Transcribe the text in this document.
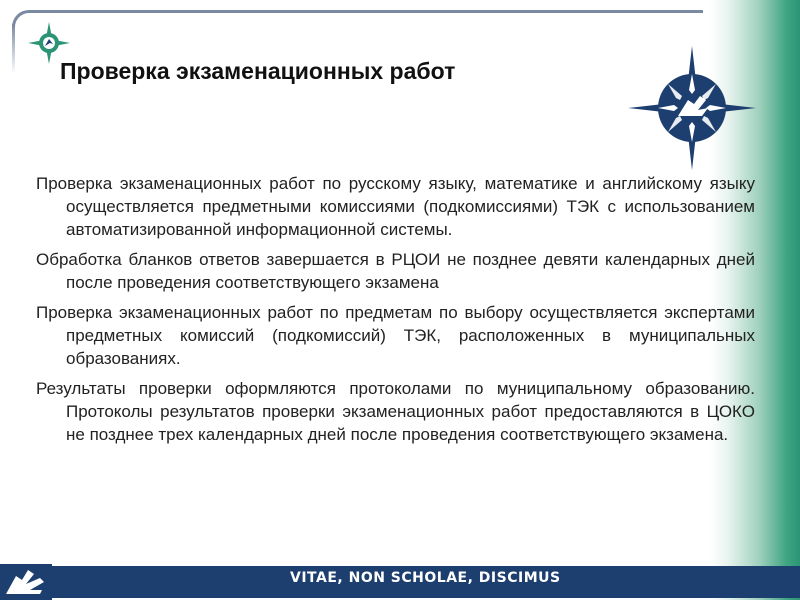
Проверка экзаменационных работ

Проверка экзаменационных работ по русскому языку, математике и английскому языку осуществляется предметными комиссиями (подкомиссиями) ТЭК с использованием автоматизированной информационной системы.

Обработка бланков ответов завершается в РЦОИ не позднее девяти календарных дней после проведения соответствующего экзамена

Проверка экзаменационных работ по предметам по выбору осуществляется экспертами предметных комиссий (подкомиссий) ТЭК, расположенных в муниципальных образованиях.

Результаты проверки оформляются протоколами по муниципальному образованию. Протоколы результатов проверки экзаменационных работ предоставляются в ЦОКО не позднее трех календарных дней после проведения соответствующего экзамена.

VITAE, NON SCHOLAE, DISCIMUS
